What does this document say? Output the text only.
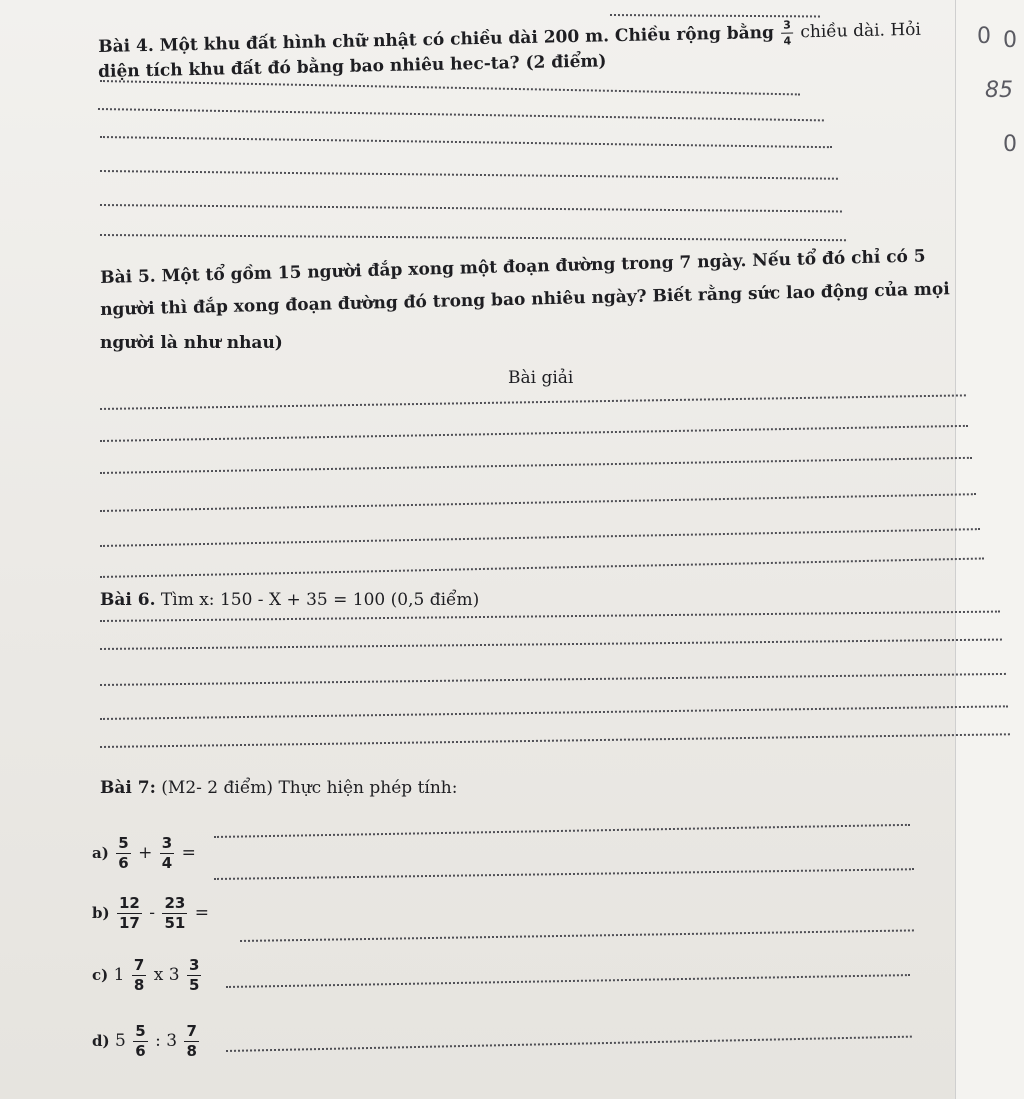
0 0
85
0
Bài 4. Một khu đất hình chữ nhật có chiều dài 200 m. Chiều rộng bằng $\frac{3}{4}$ chiều dài. Hỏi
diện tích khu đất đó bằng bao nhiêu hec-ta? (2 điểm)
Bài 5. Một tổ gồm 15 người đắp xong một đoạn đường trong 7 ngày. Nếu tổ đó chỉ có 5
người thì đắp xong đoạn đường đó trong bao nhiêu ngày? Biết rằng sức lao động của mọi
người là như nhau)
Bài giải
Bài 6. Tìm x: 150 - X + 35 = 100 (0,5 điểm)
Bài 7: (M2- 2 điểm) Thực hiện phép tính:
$a) \frac{5}{6} + \frac{3}{4}$ =
$b) \frac{12}{17} - \frac{23}{51}$ =
c) $1 \frac{7}{8}$ x $3 \frac{3}{5}$
d) $5 \frac{5}{6}$ : $3 \frac{7}{8}$
